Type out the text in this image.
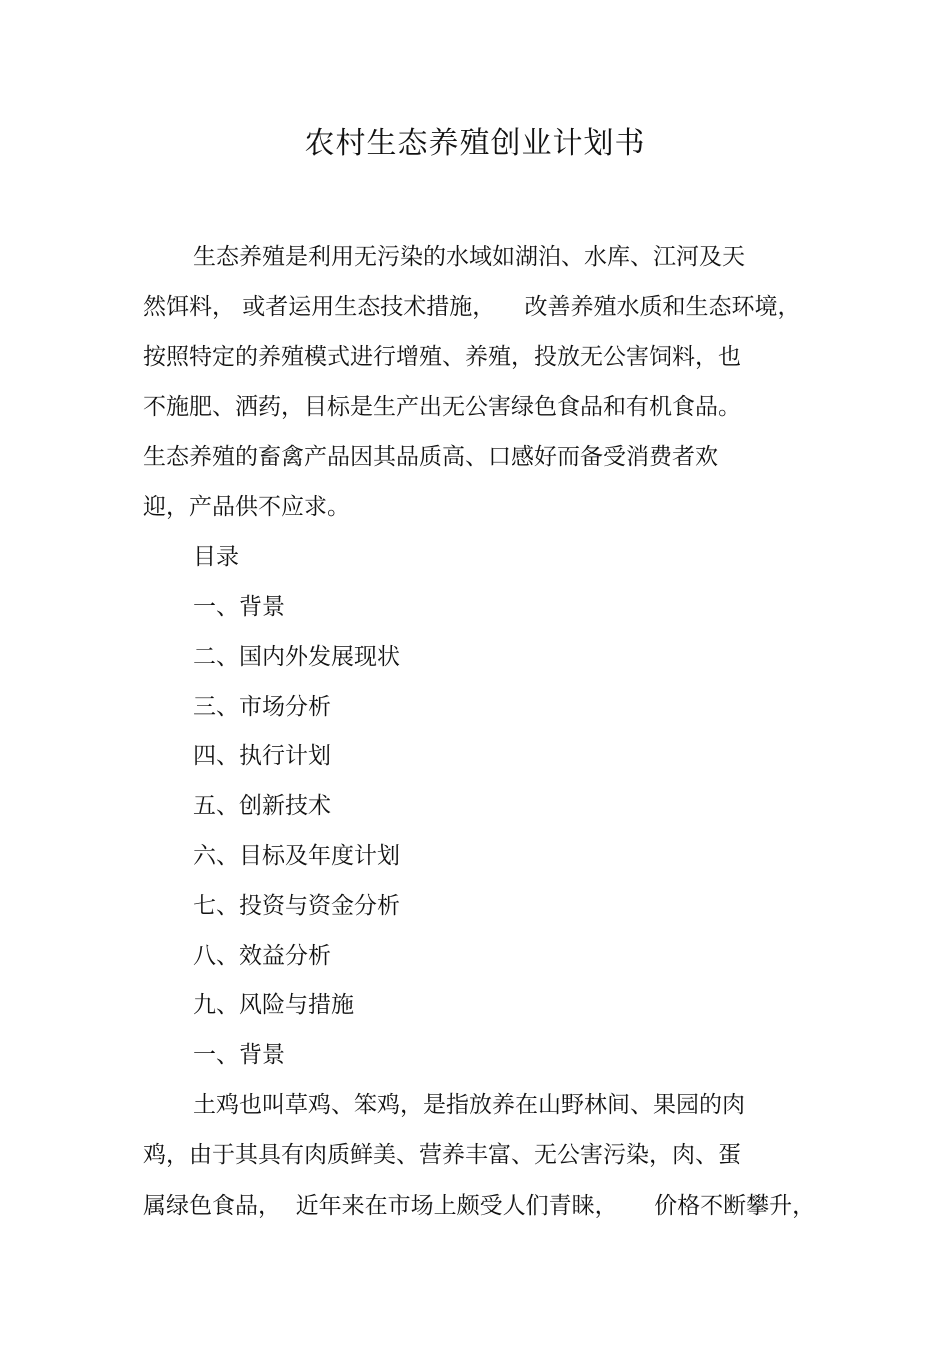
农村生态养殖创业计划书
生态养殖是利用无污染的水域如湖泊、水库、江河及天
然饵料， 或者运用生态技术措施，    改善养殖水质和生态环境，
按照特定的养殖模式进行增殖、养殖，投放无公害饲料，也
不施肥、洒药，目标是生产出无公害绿色食品和有机食品。
生态养殖的畜禽产品因其品质高、口感好而备受消费者欢
迎，产品供不应求。
目录
一、背景
二、国内外发展现状
三、市场分析
四、执行计划
五、创新技术
六、目标及年度计划
七、投资与资金分析
八、效益分析
九、风险与措施
一、背景
土鸡也叫草鸡、笨鸡，是指放养在山野林间、果园的肉
鸡，由于其具有肉质鲜美、营养丰富、无公害污染，肉、蛋
属绿色食品，  近年来在市场上颇受人们青睐，     价格不断攀升，
